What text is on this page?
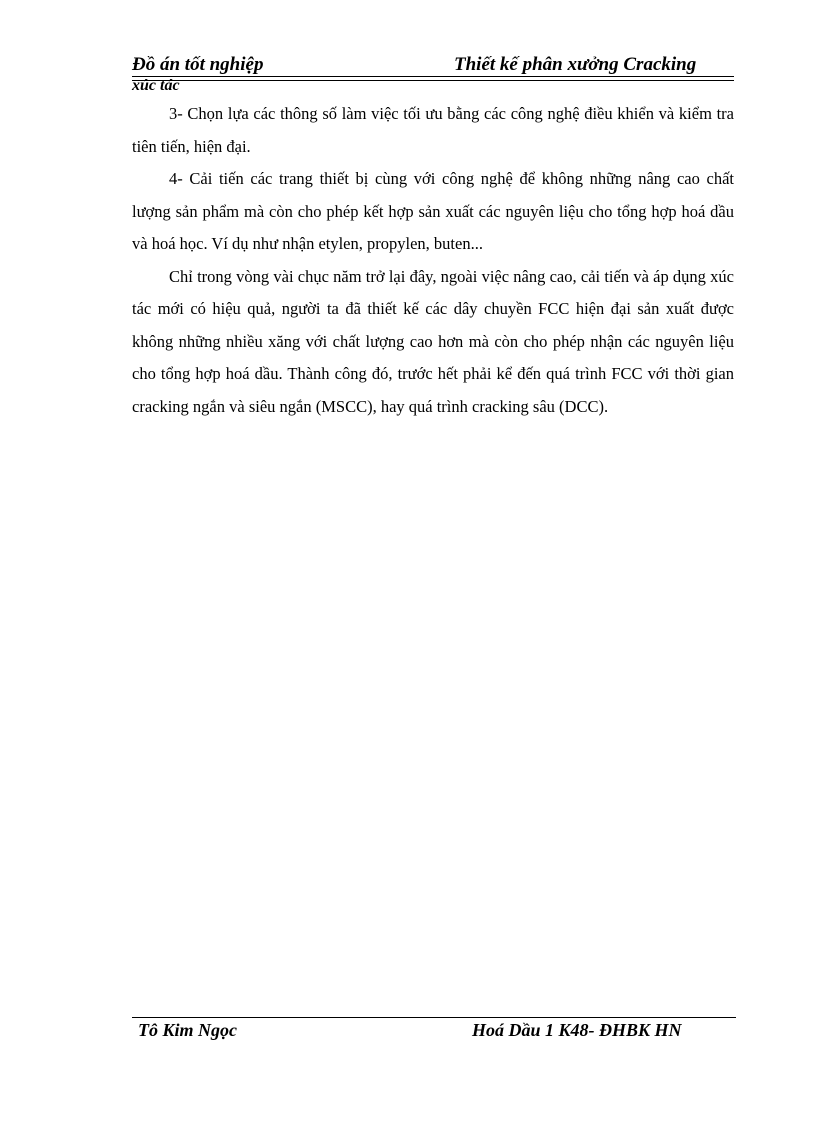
Đồ án tốt nghiệp	Thiết kế phân xưởng Cracking
xúc tác

3- Chọn lựa các thông số làm việc tối ưu bằng các công nghệ điều khiển và kiểm tra tiên tiến, hiện đại.

4- Cải tiến các trang thiết bị cùng với công nghệ để không những nâng cao chất lượng sản phẩm mà còn cho phép kết hợp sản xuất các nguyên liệu cho tổng hợp hoá dầu và hoá học. Ví dụ như nhận etylen, propylen, buten...

Chỉ trong vòng vài chục năm trở lại đây, ngoài việc nâng cao, cải tiến và áp dụng xúc tác mới có hiệu quả, người ta đã thiết kế các dây chuyền FCC hiện đại sản xuất được không những nhiều xăng với chất lượng cao hơn mà còn cho phép nhận các nguyên liệu cho tổng hợp hoá dầu. Thành công đó, trước hết phải kể đến quá trình FCC với thời gian cracking ngắn và siêu ngắn (MSCC), hay quá trình cracking sâu (DCC).

Tô Kim Ngọc	Hoá Dầu 1 K48- ĐHBK HN
